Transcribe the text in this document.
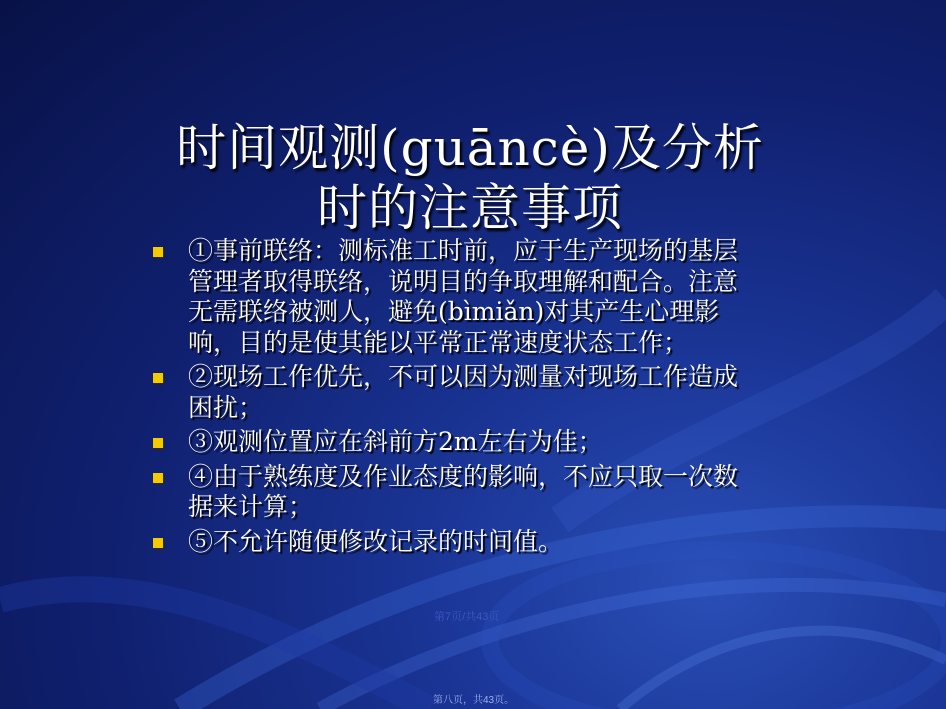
时间观测(guāncè)及分析
时的注意事项
①事前联络：测标准工时前，应于生产现场的基层
管理者取得联络，说明目的争取理解和配合。注意
无需联络被测人，避免(bìmiǎn)对其产生心理影
响，目的是使其能以平常正常速度状态工作；
②现场工作优先，不可以因为测量对现场工作造成
困扰；
③观测位置应在斜前方2m左右为佳；
④由于熟练度及作业态度的影响，不应只取一次数
据来计算；
⑤不允许随便修改记录的时间值。
第7页/共43页
第八页，共43页。
